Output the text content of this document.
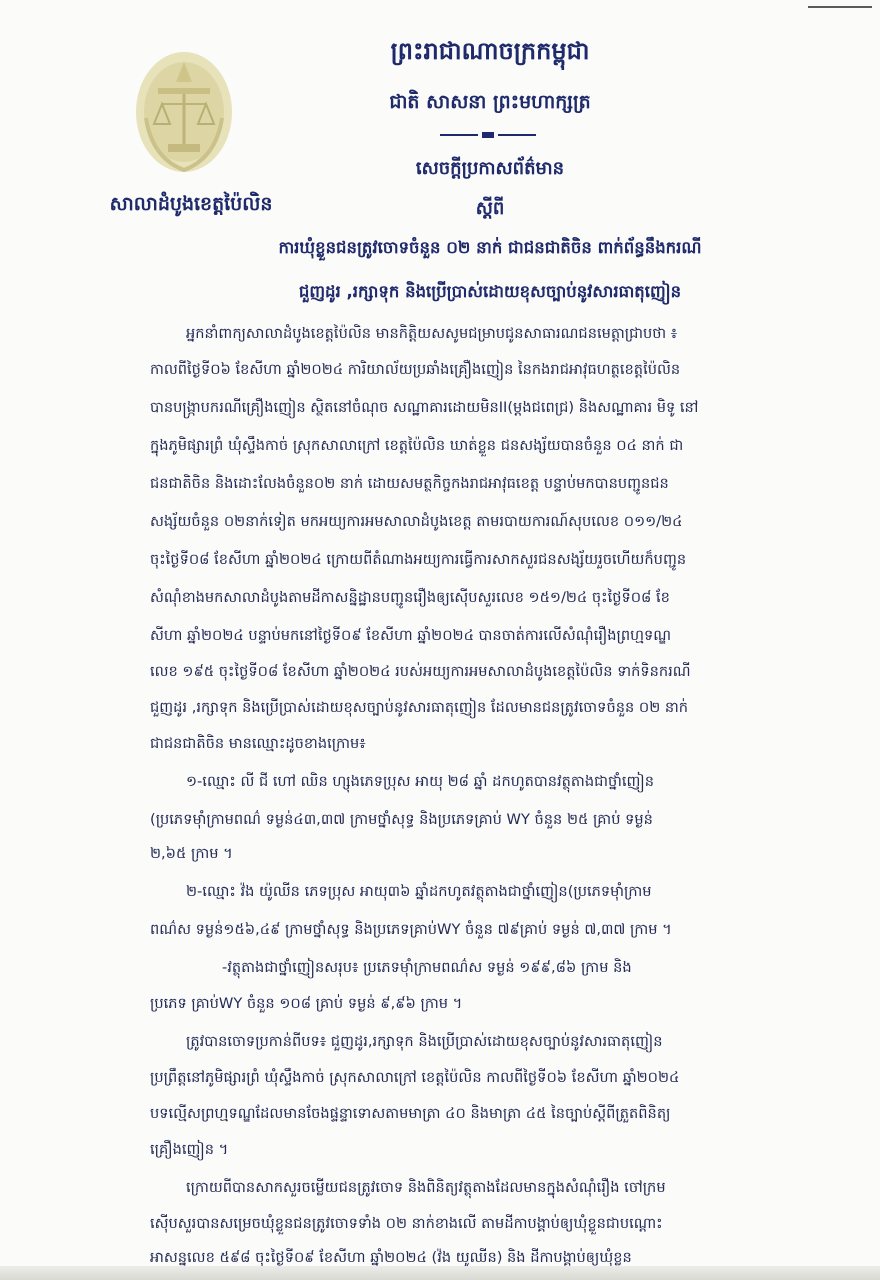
សាលាដំបូងខេត្តប៉ៃលិន
ព្រះរាជាណាចក្រកម្ពុជា
ជាតិ សាសនា ព្រះមហាក្សត្រ
សេចក្តីប្រកាសព័ត៌មាន
ស្តីពី
ការឃុំខ្លួនជនត្រូវចោទចំនួន ០២ នាក់ ជាជនជាតិចិន ពាក់ព័ន្ធនឹងករណី
ជួញដូរ ,រក្សាទុក និងប្រើប្រាស់ដោយខុសច្បាប់នូវសារធាតុញៀន
អ្នកនាំពាក្យសាលាដំបូងខេត្តប៉ៃលិន មានកិត្តិយសសូមជម្រាបជូនសាធារណជនមេត្តាជ្រាបថា ៖
កាលពីថ្ងៃទី០៦ ខែសីហា ឆ្នាំ២០២៤ ការិយាល័យប្រឆាំងគ្រឿងញៀន នៃកងរាជអាវុធហត្ថខេត្តប៉ៃលិន
បានបង្ក្រាបករណីគ្រឿងញៀន ស្ថិតនៅចំណុច សណ្ឋាគារដោយមិនII(ម្តងជពេជ្រ) និងសណ្ឋាគារ មិទូ នៅ
ក្នុងភូមិផ្សារព្រំ ឃុំស្ទឹងកាច់ ស្រុកសាលាក្រៅ ខេត្តប៉ៃលិន ឃាត់ខ្លួន ជនសង្ស័យបានចំនួន ០៤ នាក់ ជា
ជនជាតិចិន និងដោះលែងចំនួន០២ នាក់ ដោយសមត្ថកិច្ចកងរាជអាវុធខេត្ត បន្ទាប់មកបានបញ្ជូនជន
សង្ស័យចំនួន ០២នាក់ទៀត មកអយ្យការអមសាលាដំបូងខេត្ត តាមរបាយការណ៍សុបលេខ ០១១/២៤
ចុះថ្ងៃទី០៨ ខែសីហា ឆ្នាំ២០២៤ ក្រោយពីតំណាងអយ្យការធ្វើការសាកសួរជនសង្ស័យរួចហើយក៏បញ្ជូន
សំណុំខាងមកសាលាដំបូងតាមដីកាសន្និដ្ឋានបញ្ជូនរឿងឲ្យស៊ើបសួរលេខ ១៥១/២៤ ចុះថ្ងៃទី០៨ ខែ
សីហា ឆ្នាំ២០២៤ បន្ទាប់មកនៅថ្ងៃទី០៩ ខែសីហា ឆ្នាំ២០២៤ បានចាត់ការលើសំណុំរឿងព្រហ្មទណ្ឌ
លេខ ១៩៥ ចុះថ្ងៃទី០៨ ខែសីហា ឆ្នាំ២០២៤ របស់អយ្យការអមសាលាដំបូងខេត្តប៉ៃលិន ទាក់ទិនករណី
ជួញដូរ ,រក្សាទុក និងប្រើប្រាស់ដោយខុសច្បាប់នូវសារធាតុញៀន ដែលមានជនត្រូវចោទចំនួន ០២ នាក់
ជាជនជាតិចិន មានឈ្មោះដូចខាងក្រោម៖
១-ឈ្មោះ លី ជី ហៅ ឈិន ហ្សុងភេទប្រុស អាយុ ២៨ ឆ្នាំ ដកហូតបានវត្ថុតាងជាថ្នាំញៀន
(ប្រភេទម៉ាំក្រាមពណ៌ ទម្ងន់៤៣,៣៧ ក្រាមថ្នាំសុទ្ធ និងប្រភេទគ្រាប់ WY ចំនួន ២៥ គ្រាប់ ទម្ងន់
២,៦៥ ក្រាម ។
២-ឈ្មោះ វ៉ង យ៉ូឈីន ភេទប្រុស អាយុ៣៦ ឆ្នាំដកហូតវត្ថុតាងជាថ្នាំញៀន(ប្រភេទម៉ាំក្រាម
ពណ៌ស ទម្ងន់១៥៦,៤៩ ក្រាមថ្នាំសុទ្ធ និងប្រភេទគ្រាប់WY ចំនួន ៧៩គ្រាប់ ទម្ងន់ ៧,៣៧ ក្រាម ។
-វត្ថុតាងជាថ្នាំញៀនសរុប៖ ប្រភេទម៉ាំក្រាមពណ៌ស ទម្ងន់ ១៩៩,៨៦ ក្រាម និង
ប្រភេទ គ្រាប់WY ចំនួន ១០៨ គ្រាប់ ទម្ងន់ ៩,៩៦ ក្រាម ។
ត្រូវបានចោទប្រកាន់ពីបទ៖ ជួញដូរ,រក្សាទុក និងប្រើប្រាស់ដោយខុសច្បាប់នូវសារធាតុញៀន
ប្រព្រឹត្តនៅភូមិផ្សារព្រំ ឃុំស្ទឹងកាច់ ស្រុកសាលាក្រៅ ខេត្តប៉ៃលិន កាលពីថ្ងៃទី០៦ ខែសីហា ឆ្នាំ២០២៤
បទល្មើសព្រហ្មទណ្ឌដែលមានចែងផ្ទន្ទាទោសតាមមាត្រា ៤០ និងមាត្រា ៤៥ នៃច្បាប់ស្តីពីត្រួតពិនិត្យ
គ្រឿងញៀន ។
ក្រោយពីបានសាកសួរចម្លើយជនត្រូវចោទ និងពិនិត្យវត្ថុតាងដែលមានក្នុងសំណុំរឿង ចៅក្រម
ស៊ើបសួរបានសម្រេចឃុំខ្លួនជនត្រូវចោទទាំង ០២ នាក់ខាងលើ តាមដីកាបង្គាប់ឲ្យឃុំខ្លួនជាបណ្តោះ
អាសន្នលេខ ៥៩៨ ចុះថ្ងៃទី០៩ ខែសីហា ឆ្នាំ២០២៤ (វ៉ង យូឈីន) និង ដីកាបង្គាប់ឲ្យឃុំខ្លួន
